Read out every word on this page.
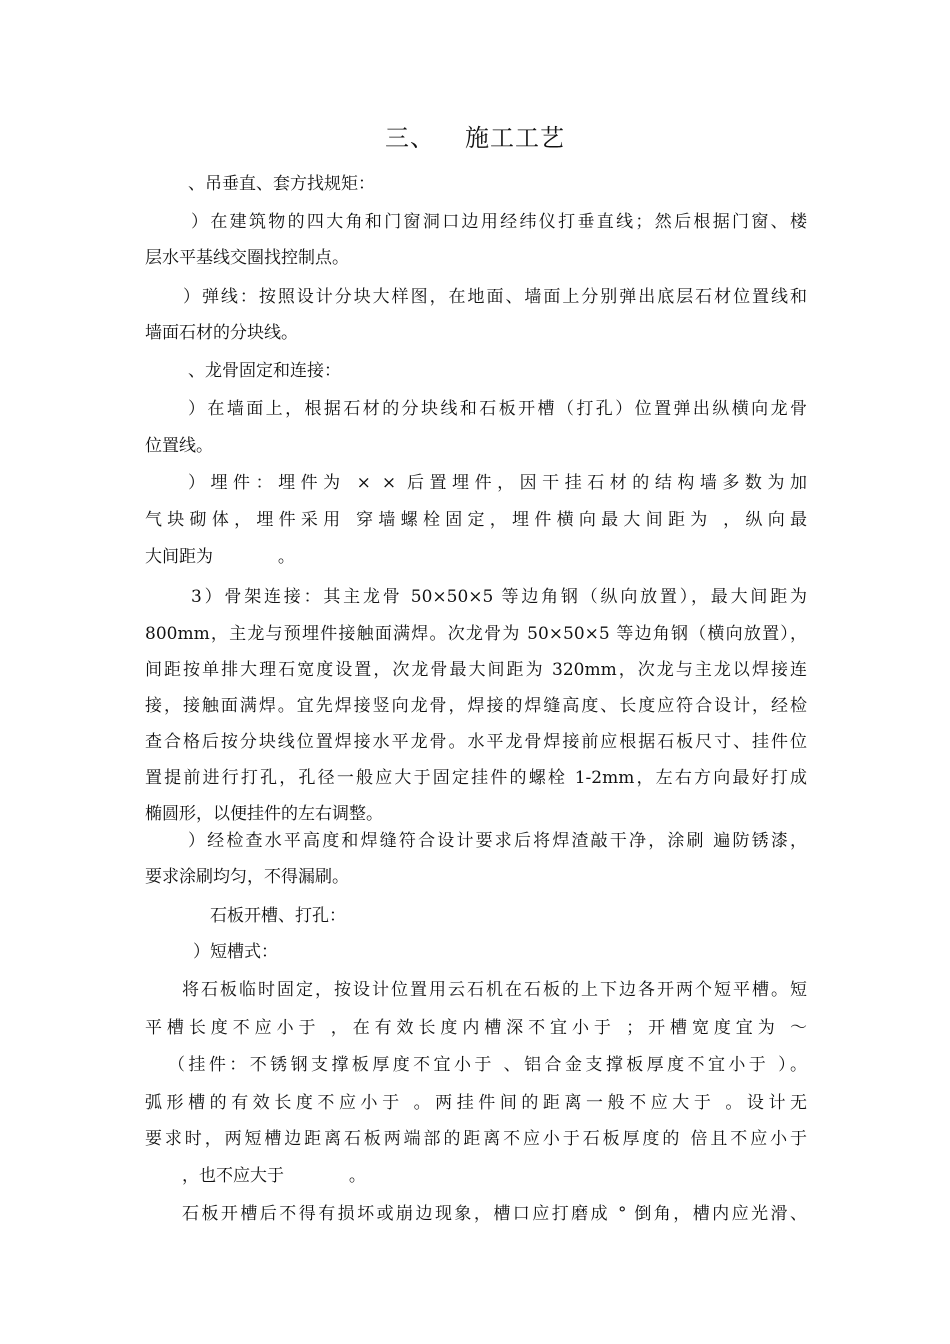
三、 施工工艺
、吊垂直、套方找规矩：
）在建筑物的四大角和门窗洞口边用经纬仪打垂直线；然后根据门窗、楼
层水平基线交圈找控制点。
）弹线：按照设计分块大样图，在地面、墙面上分别弹出底层石材位置线和
墙面石材的分块线。
、龙骨固定和连接：
）在墙面上，根据石材的分块线和石板开槽（打孔）位置弹出纵横向龙骨
位置线。
）埋件：埋件为 × × 后置埋件，因干挂石材的结构墙多数为加
气块砌体，埋件采用 穿墙螺栓固定，埋件横向最大间距为 ，纵向最
大间距为            。
3）骨架连接：其主龙骨 50×50×5 等边角钢（纵向放置），最大间距为
800mm，主龙与预埋件接触面满焊。次龙骨为 50×50×5 等边角钢（横向放置），
间距按单排大理石宽度设置，次龙骨最大间距为 320mm，次龙与主龙以焊接连
接，接触面满焊。宜先焊接竖向龙骨，焊接的焊缝高度、长度应符合设计，经检
查合格后按分块线位置焊接水平龙骨。水平龙骨焊接前应根据石板尺寸、挂件位
置提前进行打孔，孔径一般应大于固定挂件的螺栓 1-2mm，左右方向最好打成
椭圆形，以便挂件的左右调整。
）经检查水平高度和焊缝符合设计要求后将焊渣敲干净，涂刷 遍防锈漆，
要求涂刷均匀，不得漏刷。
石板开槽、打孔：
）短槽式：
将石板临时固定，按设计位置用云石机在石板的上下边各开两个短平槽。短
平槽长度不应小于 ，在有效长度内槽深不宜小于 ；开槽宽度宜为 ～
（挂件：不锈钢支撑板厚度不宜小于 、铝合金支撑板厚度不宜小于 ）。
弧形槽的有效长度不应小于 。两挂件间的距离一般不应大于 。设计无
要求时，两短槽边距离石板两端部的距离不应小于石板厚度的 倍且不应小于
，也不应大于            。
石板开槽后不得有损坏或崩边现象，槽口应打磨成 ° 倒角，槽内应光滑、
